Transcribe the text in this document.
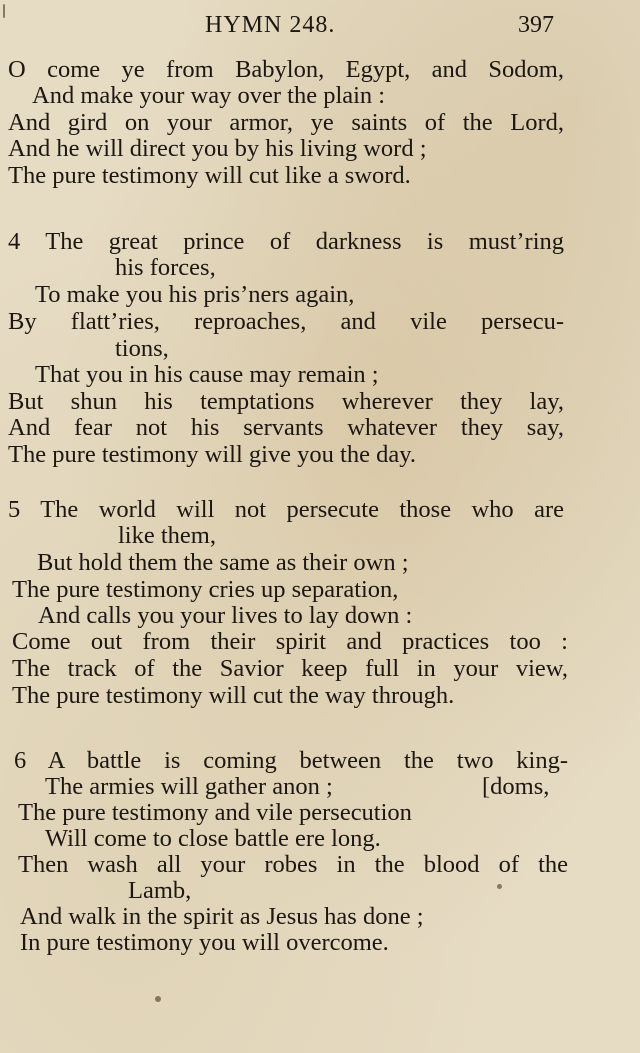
HYMN 248.	397
O come ye from Babylon, Egypt, and Sodom,
And make your way over the plain :
And gird on your armor, ye saints of the Lord,
And he will direct you by his living word ;
The pure testimony will cut like a sword.
4 The great prince of darkness is must’ring
his forces,
To make you his pris’ners again,
By flatt’ries, reproaches, and vile persecu-
tions,
That you in his cause may remain ;
But shun his temptations wherever they lay,
And fear not his servants whatever they say,
The pure testimony will give you the day.
5 The world will not persecute those who are
like them,
But hold them the same as their own ;
The pure testimony cries up separation,
And calls you your lives to lay down :
Come out from their spirit and practices too :
The track of the Savior keep full in your view,
The pure testimony will cut the way through.
6 A battle is coming between the two king-
The armies will gather anon ;	[doms,
The pure testimony and vile persecution
Will come to close battle ere long.
Then wash all your robes in the blood of the
Lamb,
And walk in the spirit as Jesus has done ;
In pure testimony you will overcome.
